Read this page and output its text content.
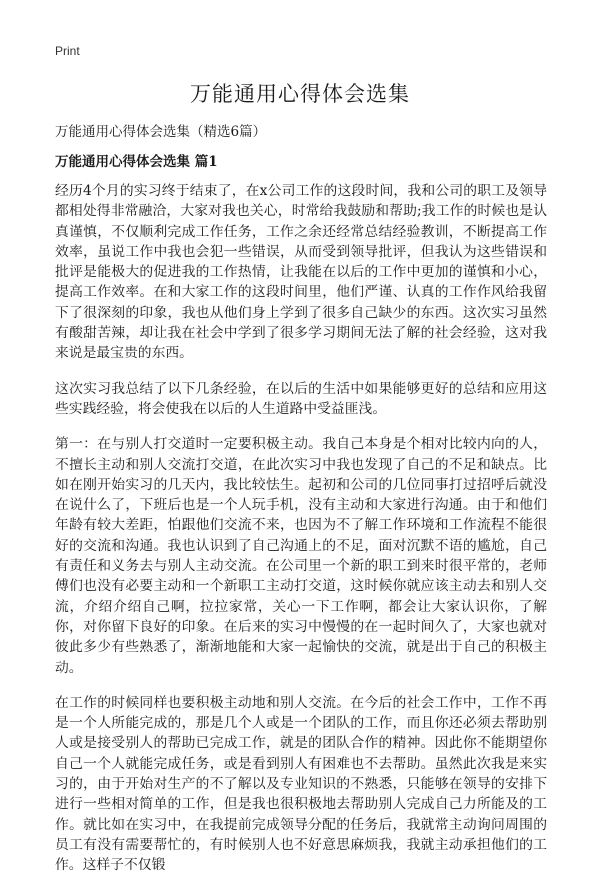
Print
万能通用心得体会选集

万能通用心得体会选集（精选6篇）

万能通用心得体会选集 篇1

经历4个月的实习终于结束了，在x公司工作的这段时间，我和公司的职工及领导都相处得非常融洽，大家对我也关心，时常给我鼓励和帮助;我工作的时候也是认真谨慎，不仅顺利完成工作任务，工作之余还经常总结经验教训，不断提高工作效率，虽说工作中我也会犯一些错误，从而受到领导批评，但我认为这些错误和批评是能极大的促进我的工作热情，让我能在以后的工作中更加的谨慎和小心，提高工作效率。在和大家工作的这段时间里，他们严谨、认真的工作作风给我留下了很深刻的印象，我也从他们身上学到了很多自己缺少的东西。这次实习虽然有酸甜苦辣，却让我在社会中学到了很多学习期间无法了解的社会经验，这对我来说是最宝贵的东西。

这次实习我总结了以下几条经验，在以后的生活中如果能够更好的总结和应用这些实践经验，将会使我在以后的人生道路中受益匪浅。

第一：在与别人打交道时一定要积极主动。我自己本身是个相对比较内向的人，不擅长主动和别人交流打交道，在此次实习中我也发现了自己的不足和缺点。比如在刚开始实习的几天内，我比较怯生。起初和公司的几位同事打过招呼后就没在说什么了，下班后也是一个人玩手机，没有主动和大家进行沟通。由于和他们年龄有较大差距，怕跟他们交流不来，也因为不了解工作环境和工作流程不能很好的交流和沟通。我也认识到了自己沟通上的不足，面对沉默不语的尴尬，自己有责任和义务去与别人主动交流。在公司里一个新的职工到来时很平常的，老师傅们也没有必要主动和一个新职工主动打交道，这时候你就应该主动去和别人交流，介绍介绍自己啊，拉拉家常，关心一下工作啊，都会让大家认识你，了解你，对你留下良好的印象。在后来的实习中慢慢的在一起时间久了，大家也就对彼此多少有些熟悉了，渐渐地能和大家一起愉快的交流，就是出于自己的积极主动。

在工作的时候同样也要积极主动地和别人交流。在今后的社会工作中，工作不再是一个人所能完成的，那是几个人或是一个团队的工作，而且你还必须去帮助别人或是接受别人的帮助已完成工作，就是的团队合作的精神。因此你不能期望你自己一个人就能完成任务，或是看到别人有困难也不去帮助。虽然此次我是来实习的，由于开始对生产的不了解以及专业知识的不熟悉，只能够在领导的安排下进行一些相对简单的工作，但是我也很积极地去帮助别人完成自己力所能及的工作。就比如在实习中，在我提前完成领导分配的任务后，我就常主动询问周围的员工有没有需要帮忙的，有时候别人也不好意思麻烦我，我就主动承担他们的工作。这样子不仅锻
